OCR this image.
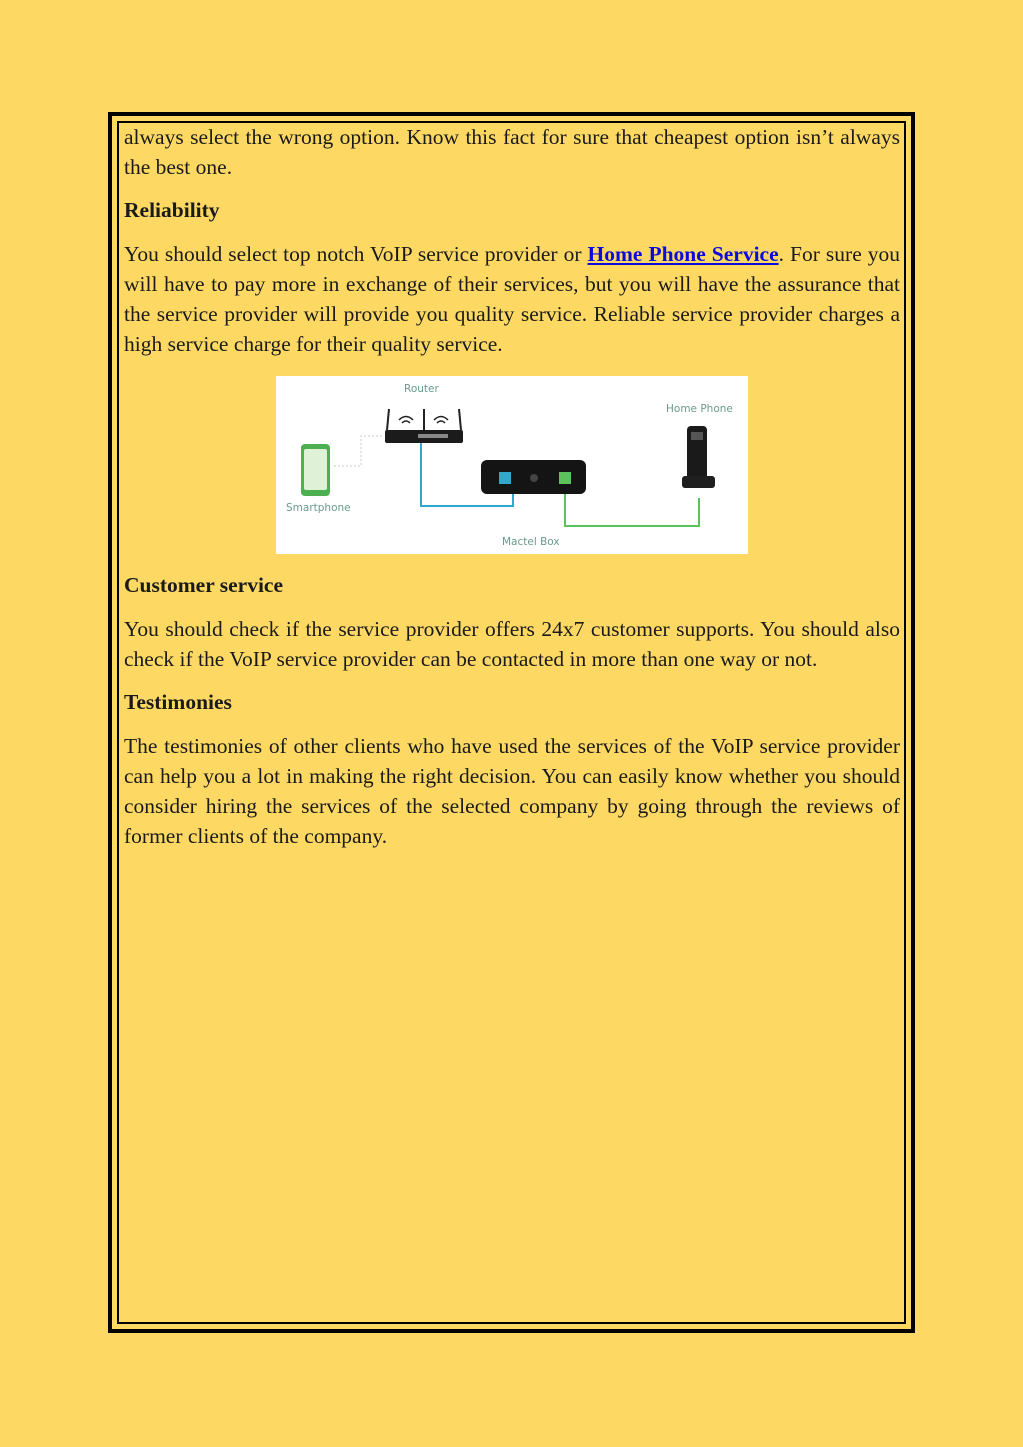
always select the wrong option. Know this fact for sure that cheapest option isn’t always the best one.

Reliability

You should select top notch VoIP service provider or Home Phone Service. For sure you will have to pay more in exchange of their services, but you will have the assurance that the service provider will provide you quality service. Reliable service provider charges a high service charge for their quality service.

Router
Home Phone
Smartphone
Mactel Box
Customer service

You should check if the service provider offers 24x7 customer supports. You should also check if the VoIP service provider can be contacted in more than one way or not.

Testimonies

The testimonies of other clients who have used the services of the VoIP service provider can help you a lot in making the right decision. You can easily know whether you should consider hiring the services of the selected company by going through the reviews of former clients of the company.
